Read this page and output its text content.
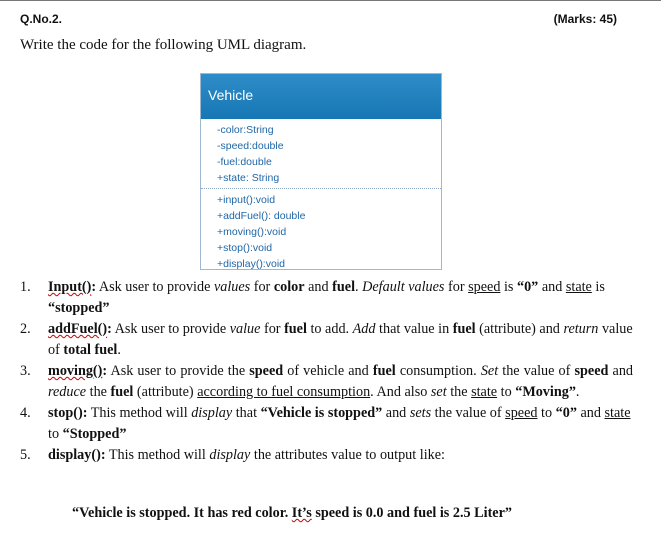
Q.No.2.	(Marks: 45)
Write the code for the following UML diagram.
Vehicle
-color:String
-speed:double
-fuel:double
+state: String
+input():void
+addFuel(): double
+moving():void
+stop():void
+display():void
1. Input(): Ask user to provide values for color and fuel. Default values for speed is “0” and state is “stopped”
2. addFuel(): Ask user to provide value for fuel to add. Add that value in fuel (attribute) and return value of total fuel.
3. moving(): Ask user to provide the speed of vehicle and fuel consumption. Set the value of speed and reduce the fuel (attribute) according to fuel consumption. And also set the state to “Moving”.
4. stop(): This method will display that “Vehicle is stopped” and sets the value of speed to “0” and state to “Stopped”
5. display(): This method will display the attributes value to output like:
“Vehicle is stopped. It has red color. It’s speed is 0.0 and fuel is 2.5 Liter”
